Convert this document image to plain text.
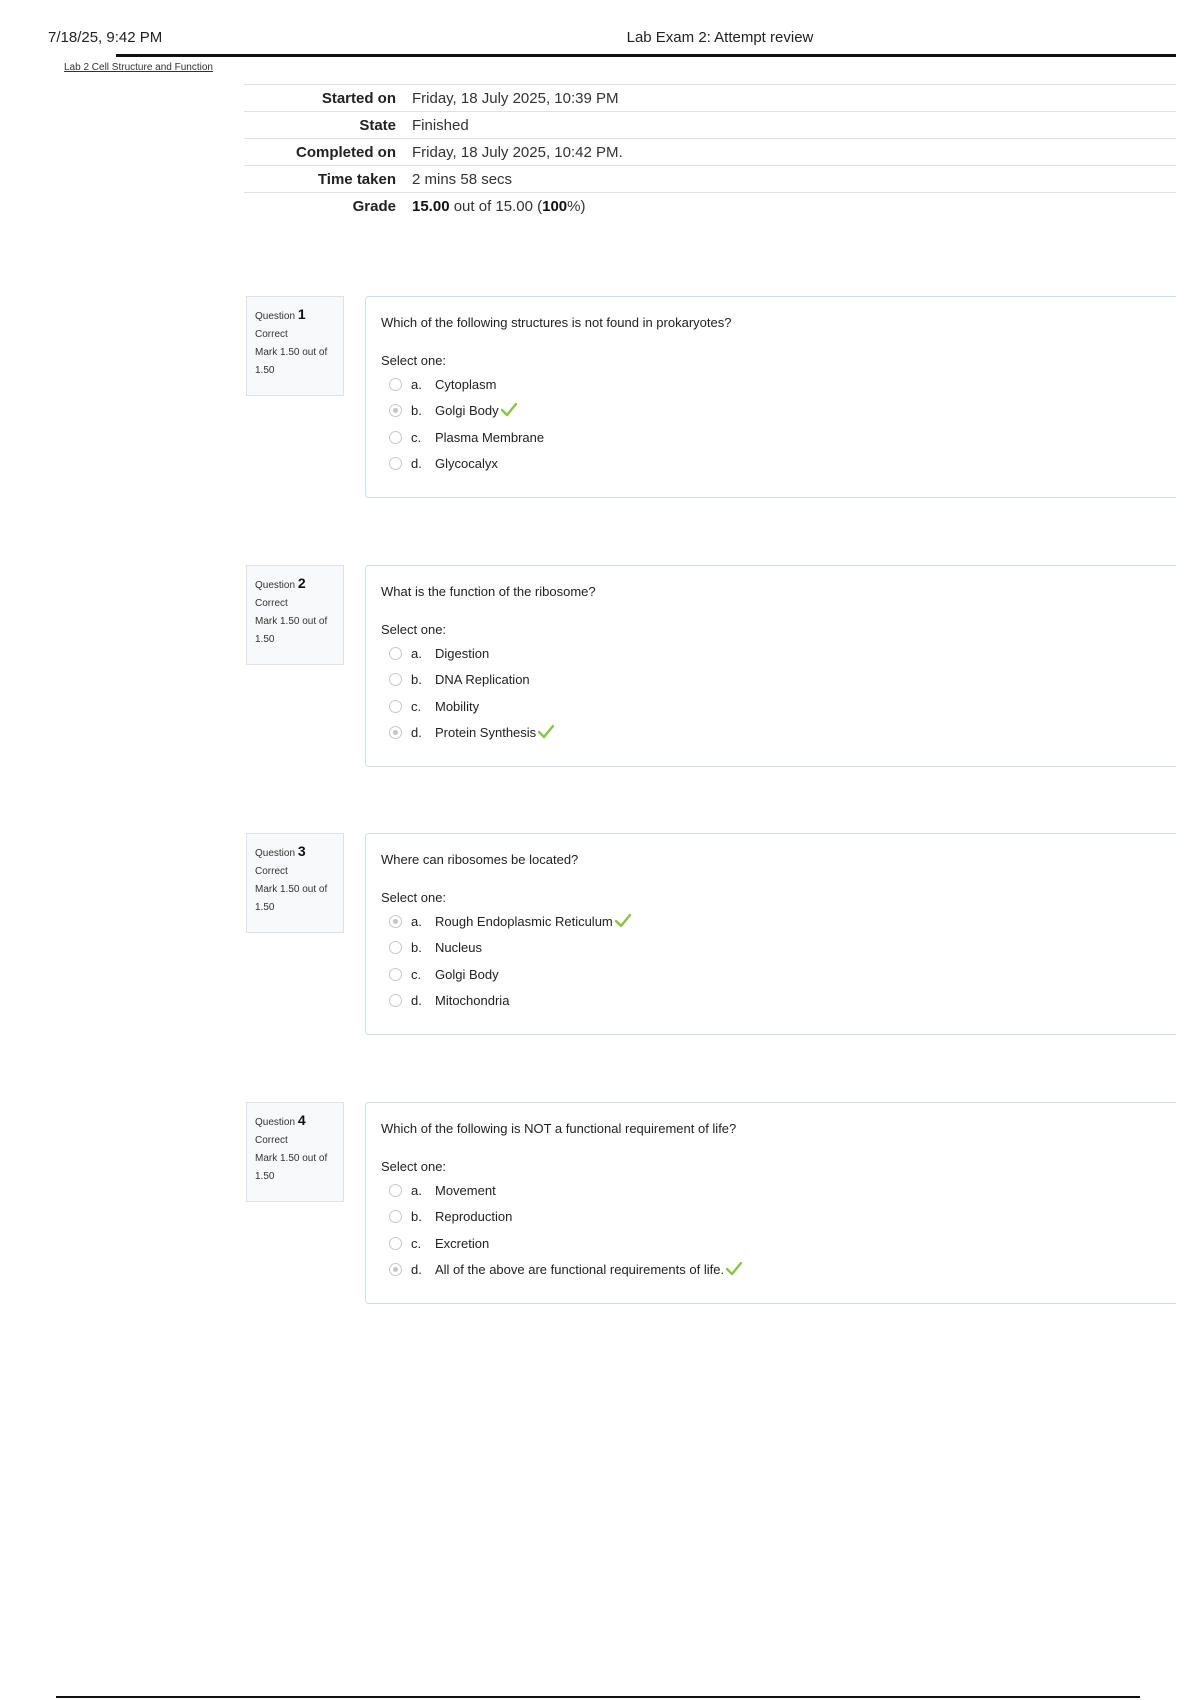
7/18/25, 9:42 PM	Lab Exam 2: Attempt review
Lab 2 Cell Structure and Function
Started on	Friday, 18 July 2025, 10:39 PM
State	Finished
Completed on	Friday, 18 July 2025, 10:42 PM.
Time taken	2 mins 58 secs
Grade	15.00 out of 15.00 (100%)
Question 1
Correct
Mark 1.50 out of 1.50
Which of the following structures is not found in prokaryotes?
Select one:
a.	Cytoplasm
b.	Golgi Body
c.	Plasma Membrane
d.	Glycocalyx
Question 2
Correct
Mark 1.50 out of 1.50
What is the function of the ribosome?
Select one:
a.	Digestion
b.	DNA Replication
c.	Mobility
d.	Protein Synthesis
Question 3
Correct
Mark 1.50 out of 1.50
Where can ribosomes be located?
Select one:
a.	Rough Endoplasmic Reticulum
b.	Nucleus
c.	Golgi Body
d.	Mitochondria
Question 4
Correct
Mark 1.50 out of 1.50
Which of the following is NOT a functional requirement of life?
Select one:
a.	Movement
b.	Reproduction
c.	Excretion
d.	All of the above are functional requirements of life.
